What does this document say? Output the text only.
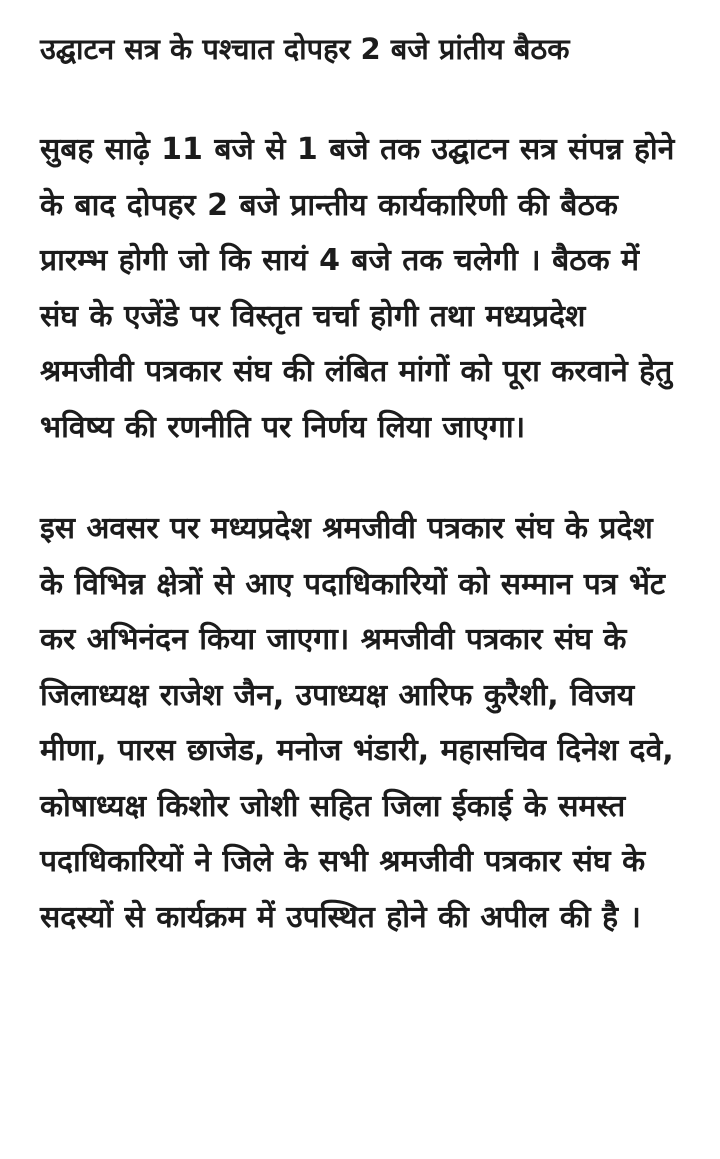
उद्घाटन सत्र के पश्चात दोपहर 2 बजे प्रांतीय बैठक

सुबह साढ़े 11 बजे से 1 बजे तक उद्घाटन सत्र संपन्न होने के बाद दोपहर 2 बजे प्रान्तीय कार्यकारिणी की बैठक प्रारम्भ होगी जो कि सायं 4 बजे तक चलेगी । बैठक में संघ के एजेंडे पर विस्तृत चर्चा होगी तथा मध्यप्रदेश श्रमजीवी पत्रकार संघ की लंबित मांगों को पूरा करवाने हेतु भविष्य की रणनीति पर निर्णय लिया जाएगा।

इस अवसर पर मध्यप्रदेश श्रमजीवी पत्रकार संघ के प्रदेश के विभिन्न क्षेत्रों से आए पदाधिकारियों को सम्मान पत्र भेंट कर अभिनंदन किया जाएगा। श्रमजीवी पत्रकार संघ के जिलाध्यक्ष राजेश जैन, उपाध्यक्ष आरिफ कुरैशी, विजय मीणा, पारस छाजेड, मनोज भंडारी, महासचिव दिनेश दवे, कोषाध्यक्ष किशोर जोशी सहित जिला ईकाई के समस्त पदाधिकारियों ने जिले के सभी श्रमजीवी पत्रकार संघ के सदस्यों से कार्यक्रम में उपस्थित होने की अपील की है ।
